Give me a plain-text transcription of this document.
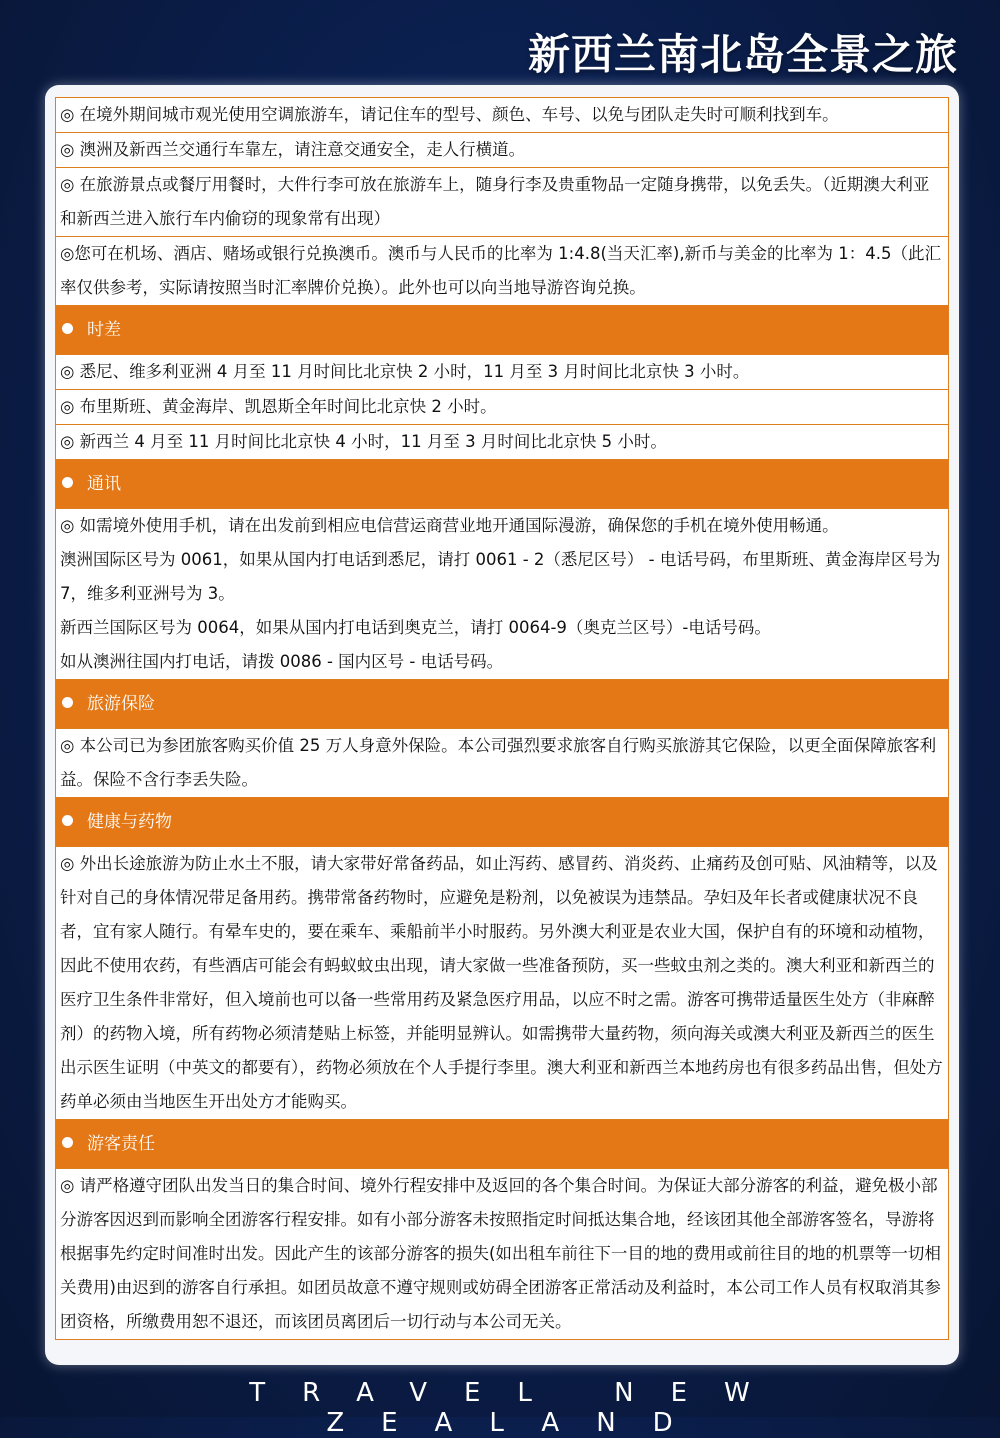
新西兰南北岛全景之旅
◎ 在境外期间城市观光使用空调旅游车，请记住车的型号、颜色、车号、以免与团队走失时可顺利找到车。
◎ 澳洲及新西兰交通行车靠左，请注意交通安全，走人行横道。
◎ 在旅游景点或餐厅用餐时，大件行李可放在旅游车上，随身行李及贵重物品一定随身携带，以免丢失。（近期澳大利亚和新西兰进入旅行车内偷窃的现象常有出现）
◎您可在机场、酒店、赌场或银行兑换澳币。澳币与人民币的比率为 1:4.8(当天汇率),新币与美金的比率为 1：4.5（此汇率仅供参考，实际请按照当时汇率牌价兑换）。此外也可以向当地导游咨询兑换。
时差
◎ 悉尼、维多利亚洲 4 月至 11 月时间比北京快 2 小时，11 月至 3 月时间比北京快 3 小时。
◎ 布里斯班、黄金海岸、凯恩斯全年时间比北京快 2 小时。
◎ 新西兰 4 月至 11 月时间比北京快 4 小时，11 月至 3 月时间比北京快 5 小时。
通讯

◎ 如需境外使用手机，请在出发前到相应电信营运商营业地开通国际漫游，确保您的手机在境外使用畅通。

澳洲国际区号为 0061，如果从国内打电话到悉尼，请打 0061 - 2（悉尼区号） - 电话号码，布里斯班、黄金海岸区号为 7，维多利亚洲号为 3。

新西兰国际区号为 0064，如果从国内打电话到奥克兰，请打 0064-9（奥克兰区号）-电话号码。

如从澳洲往国内打电话，请拨 0086 - 国内区号 - 电话号码。

旅游保险
◎ 本公司已为参团旅客购买价值 25 万人身意外保险。本公司强烈要求旅客自行购买旅游其它保险，以更全面保障旅客利益。保险不含行李丢失险。
健康与药物
◎ 外出长途旅游为防止水土不服，请大家带好常备药品，如止泻药、感冒药、消炎药、止痛药及创可贴、风油精等，以及针对自己的身体情况带足备用药。携带常备药物时，应避免是粉剂，以免被误为违禁品。孕妇及年长者或健康状况不良者，宜有家人随行。有晕车史的，要在乘车、乘船前半小时服药。另外澳大利亚是农业大国，保护自有的环境和动植物，因此不使用农药，有些酒店可能会有蚂蚁蚊虫出现，请大家做一些准备预防，买一些蚊虫剂之类的。澳大利亚和新西兰的医疗卫生条件非常好，但入境前也可以备一些常用药及紧急医疗用品，以应不时之需。游客可携带适量医生处方（非麻醉剂）的药物入境，所有药物必须清楚贴上标签，并能明显辨认。如需携带大量药物，须向海关或澳大利亚及新西兰的医生出示医生证明（中英文的都要有），药物必须放在个人手提行李里。澳大利亚和新西兰本地药房也有很多药品出售，但处方药单必须由当地医生开出处方才能购买。
游客责任
◎ 请严格遵守团队出发当日的集合时间、境外行程安排中及返回的各个集合时间。为保证大部分游客的利益，避免极小部分游客因迟到而影响全团游客行程安排。如有小部分游客未按照指定时间抵达集合地，经该团其他全部游客签名，导游将根据事先约定时间准时出发。因此产生的该部分游客的损失(如出租车前往下一目的地的费用或前往目的地的机票等一切相关费用)由迟到的游客自行承担。如团员故意不遵守规则或妨碍全团游客正常活动及利益时，本公司工作人员有权取消其参团资格，所缴费用恕不退还，而该团员离团后一切行动与本公司无关。
TRAVEL NEW ZEALAND
